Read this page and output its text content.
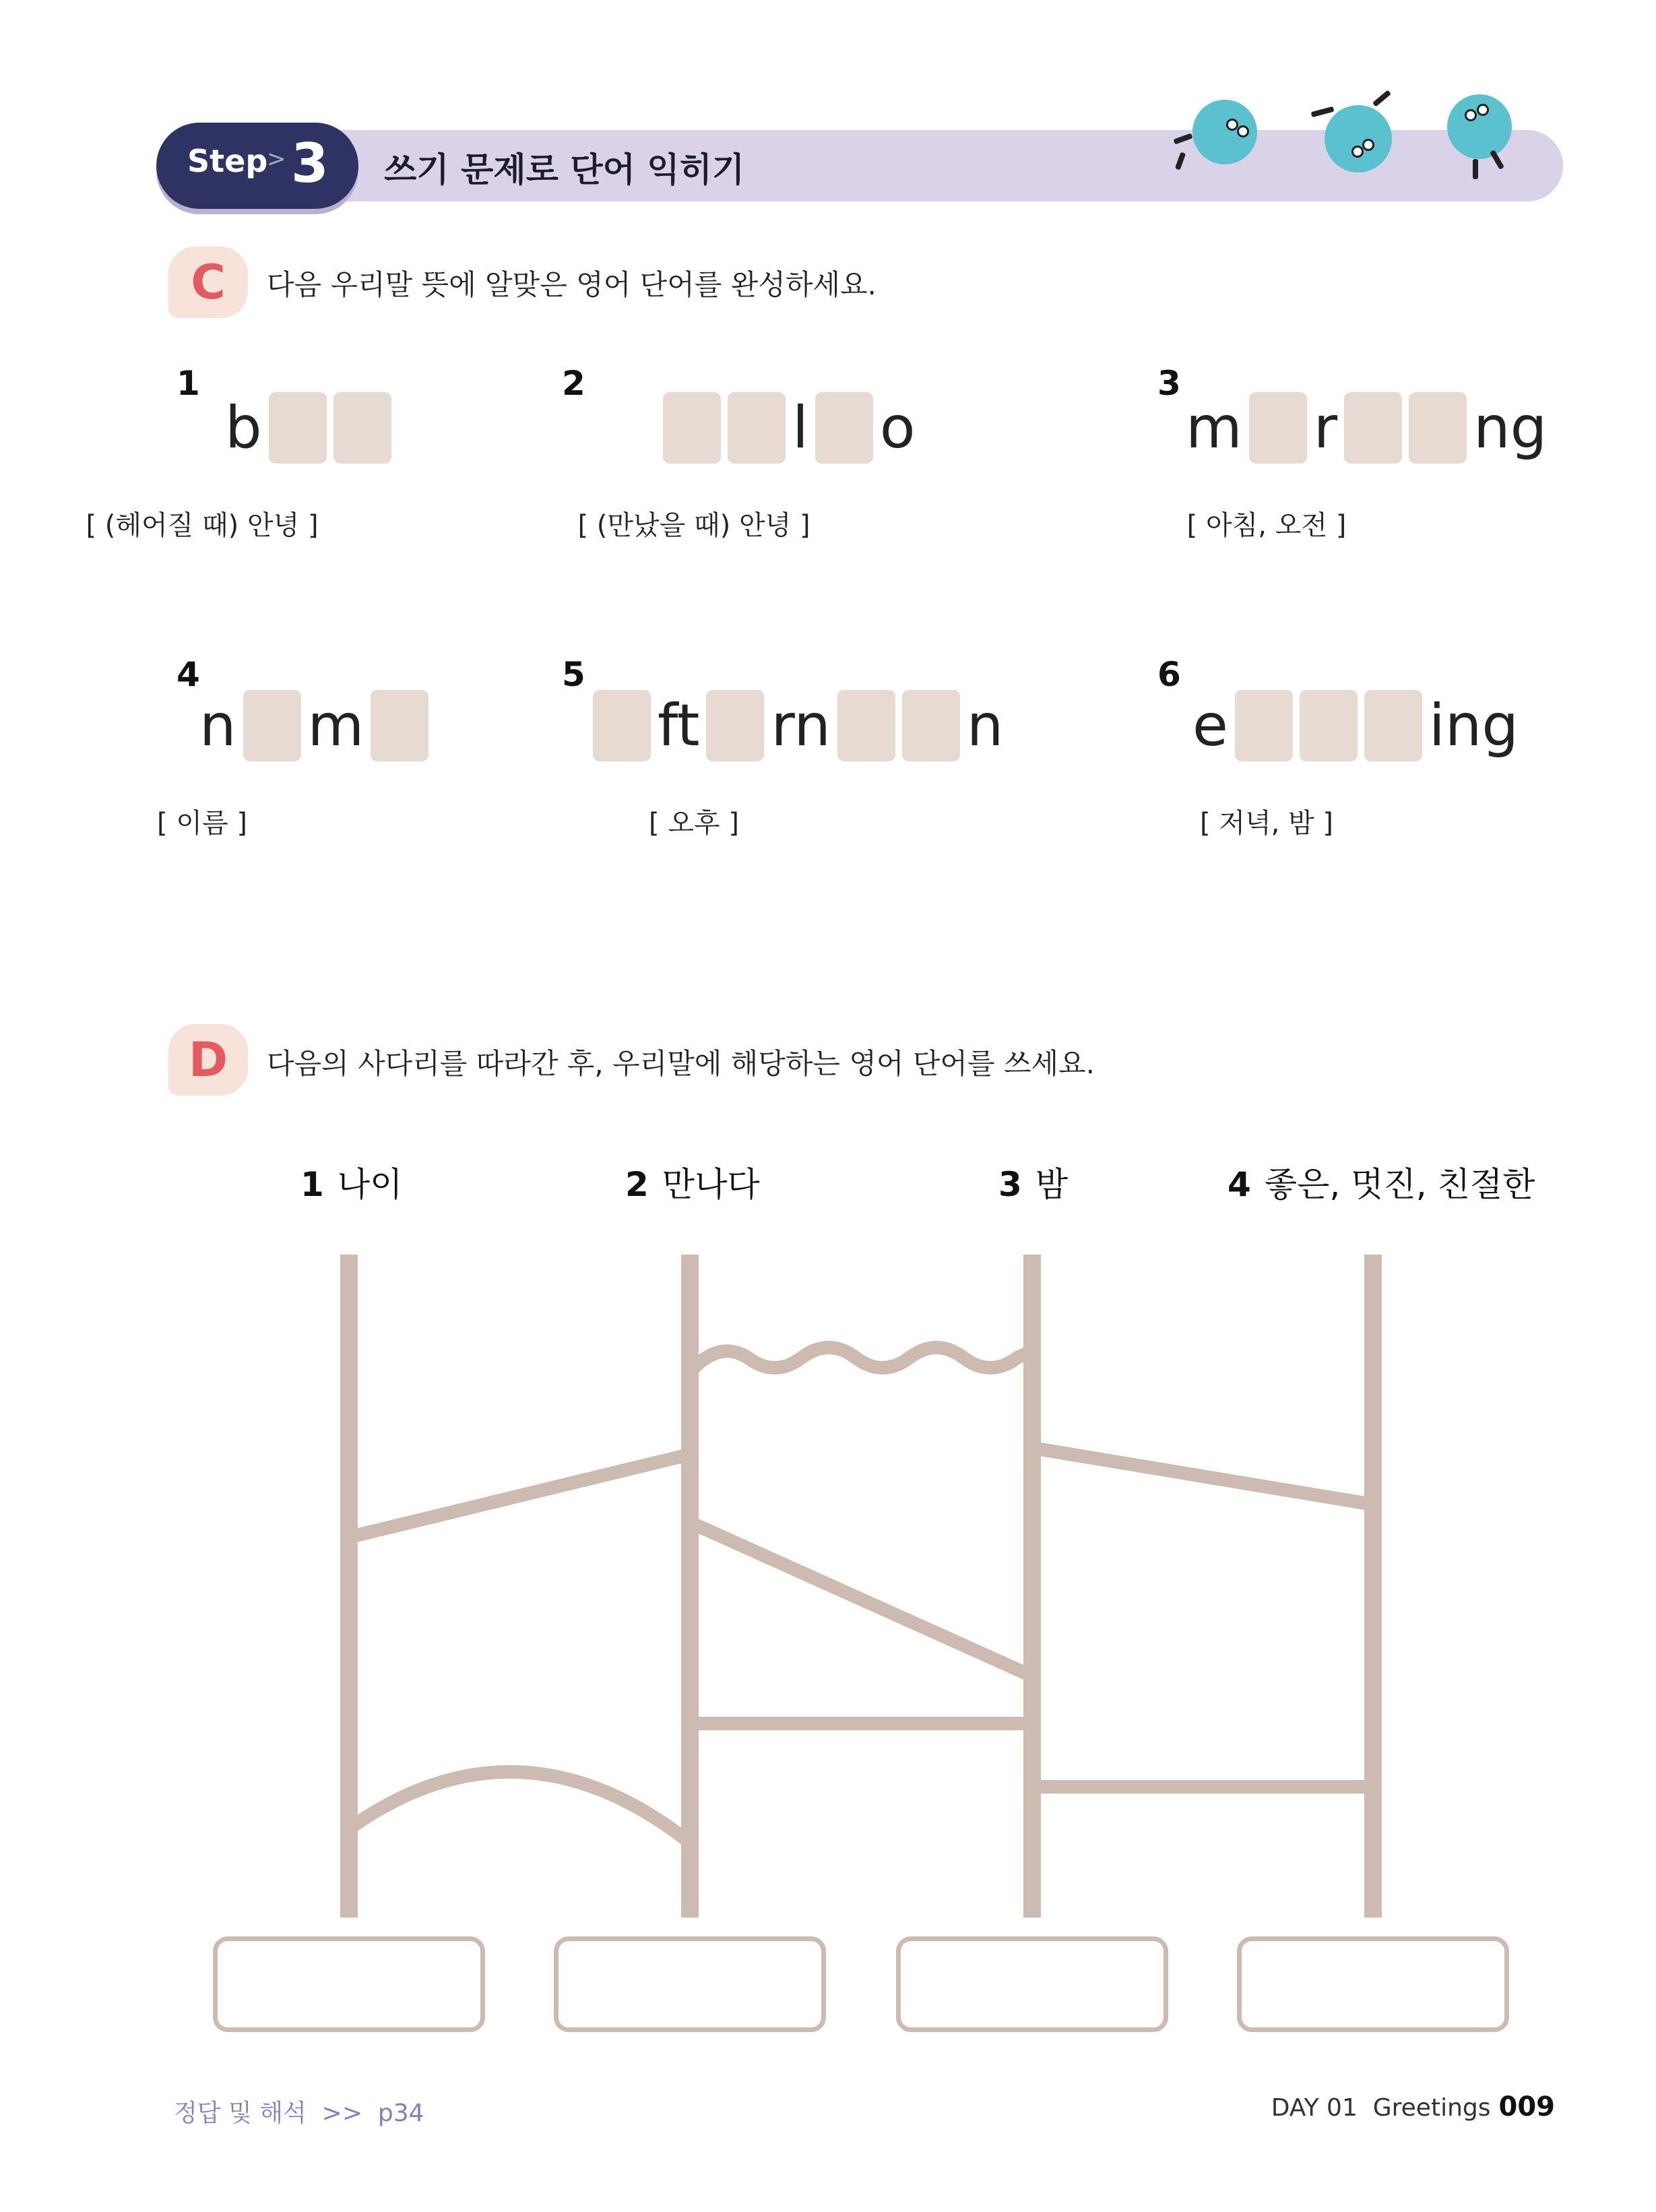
Step
> 3 쓰기 문제로 단어 익히기
C	다음 우리말 뜻에 알맞은 영어 단어를 완성하세요.
1
b
[ (헤어질 때) 안녕 ]
2
l o
[ (만났을 때) 안녕 ]
3
m r ng
[ 아침, 오전 ]
4
n m
[ 이름 ]
5
ft rn n
[ 오후 ]
6
e	ing
[ 저녁, 밤 ]
D	다음의 사다리를 따라간 후, 우리말에 해당하는 영어 단어를 쓰세요.
1 나이	2 만나다	3 밤	4 좋은, 멋진, 친절한
정답 및 해석  >>  p34	DAY 01  Greetings 009
